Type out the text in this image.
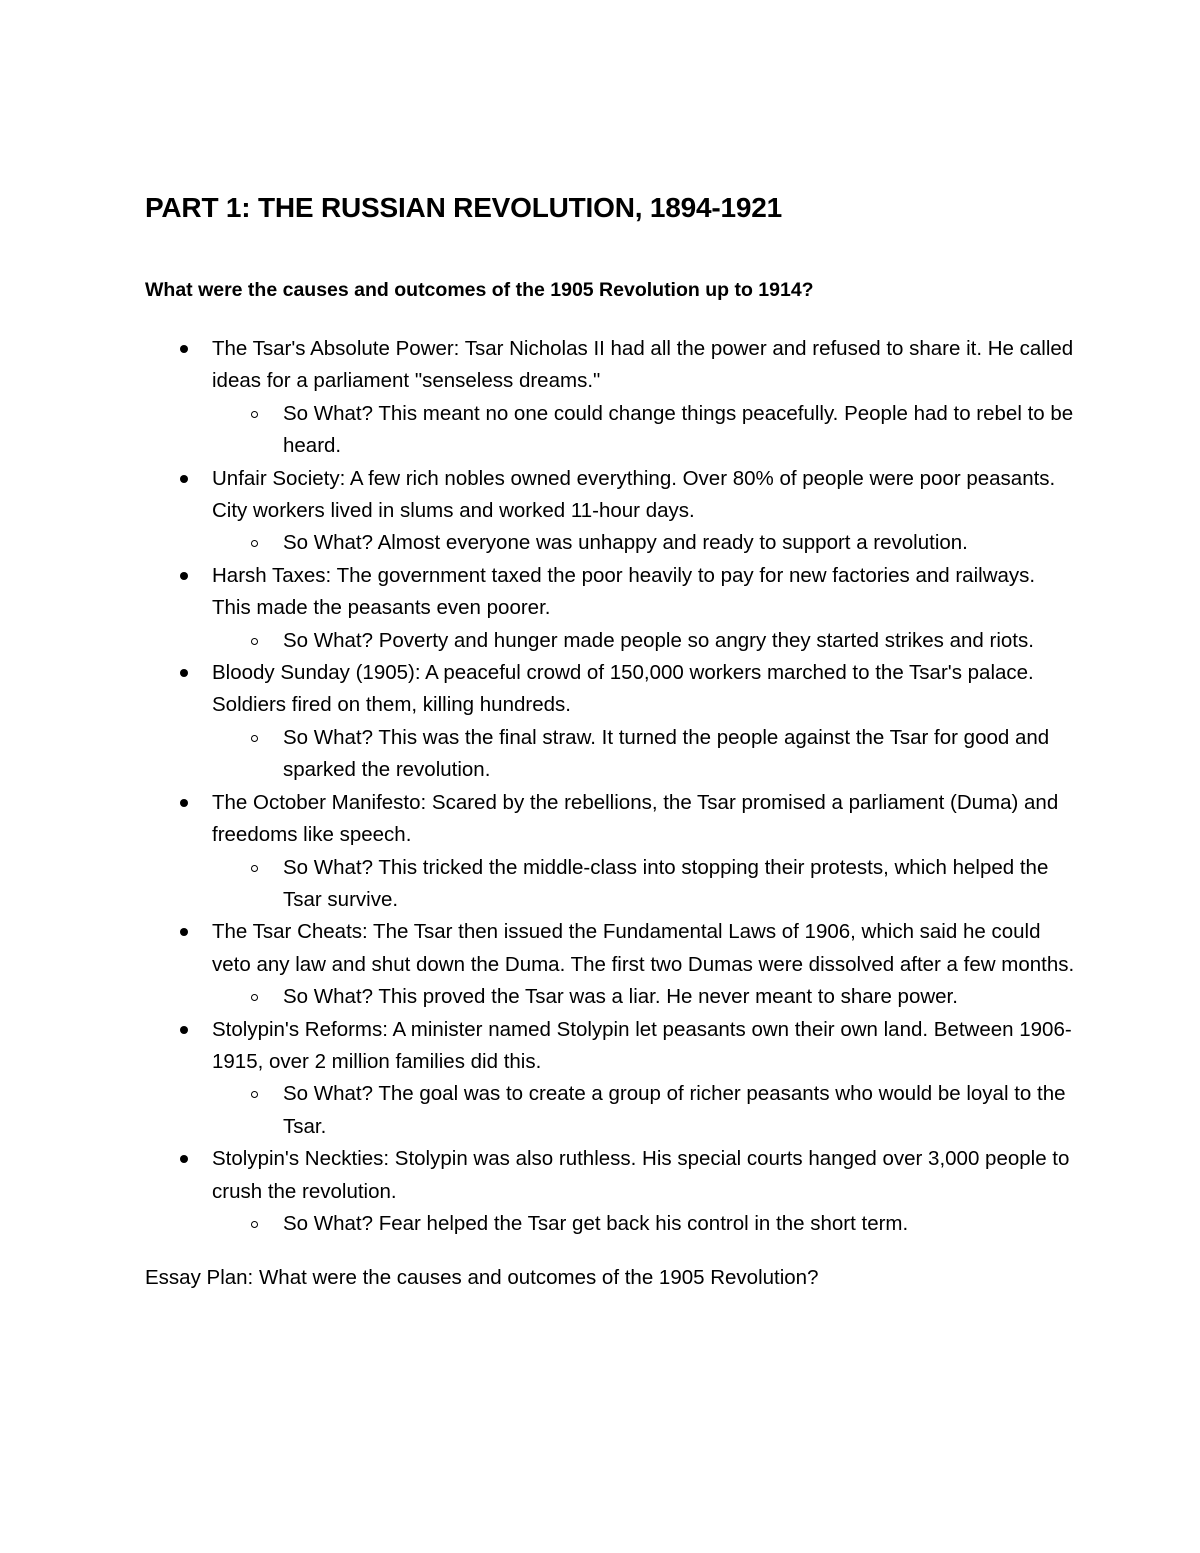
PART 1: THE RUSSIAN REVOLUTION, 1894-1921
What were the causes and outcomes of the 1905 Revolution up to 1914?
The Tsar's Absolute Power: Tsar Nicholas II had all the power and refused to share it. He called ideas for a parliament "senseless dreams."
So What? This meant no one could change things peacefully. People had to rebel to be heard.
Unfair Society: A few rich nobles owned everything. Over 80% of people were poor peasants. City workers lived in slums and worked 11-hour days.
So What? Almost everyone was unhappy and ready to support a revolution.
Harsh Taxes: The government taxed the poor heavily to pay for new factories and railways. This made the peasants even poorer.
So What? Poverty and hunger made people so angry they started strikes and riots.
Bloody Sunday (1905): A peaceful crowd of 150,000 workers marched to the Tsar's palace. Soldiers fired on them, killing hundreds.
So What? This was the final straw. It turned the people against the Tsar for good and sparked the revolution.
The October Manifesto: Scared by the rebellions, the Tsar promised a parliament (Duma) and freedoms like speech.
So What? This tricked the middle-class into stopping their protests, which helped the Tsar survive.
The Tsar Cheats: The Tsar then issued the Fundamental Laws of 1906, which said he could veto any law and shut down the Duma. The first two Dumas were dissolved after a few months.
So What? This proved the Tsar was a liar. He never meant to share power.
Stolypin's Reforms: A minister named Stolypin let peasants own their own land. Between 1906-1915, over 2 million families did this.
So What? The goal was to create a group of richer peasants who would be loyal to the Tsar.
Stolypin's Neckties: Stolypin was also ruthless. His special courts hanged over 3,000 people to crush the revolution.
So What? Fear helped the Tsar get back his control in the short term.

Essay Plan: What were the causes and outcomes of the 1905 Revolution?
